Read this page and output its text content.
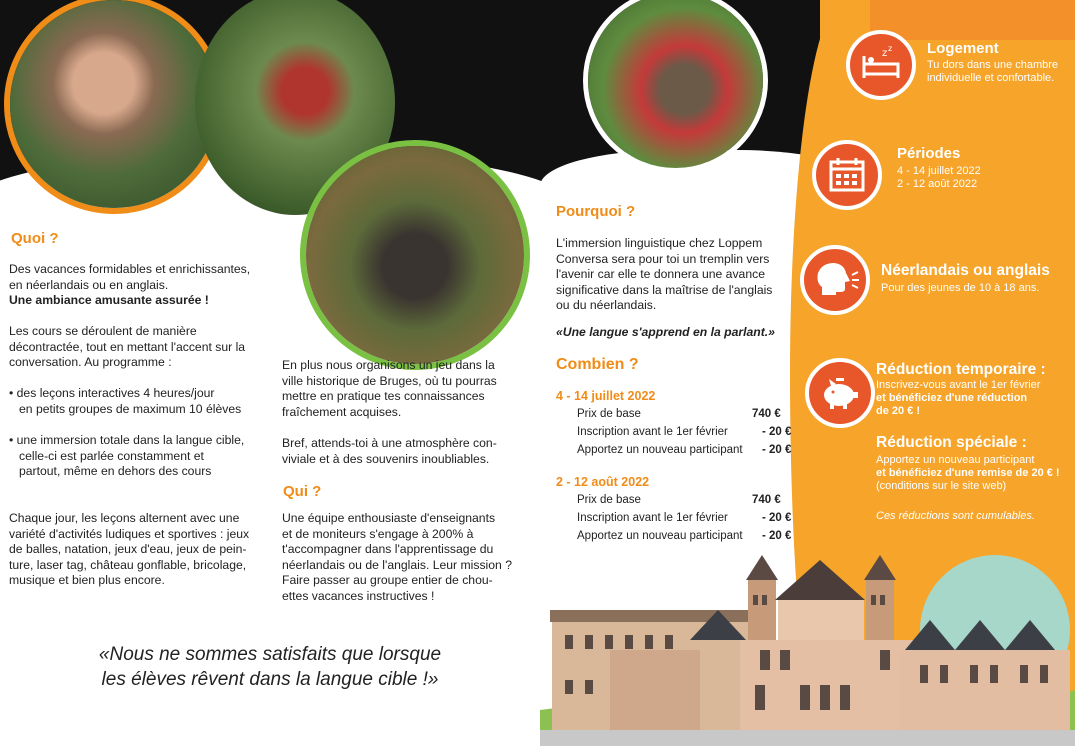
Quoi ?
Des vacances formidables et enrichissantes,
en néerlandais ou en anglais.
Une ambiance amusante assurée !
Les cours se déroulent de manière
décontractée, tout en mettant l'accent sur la
conversation. Au programme :
• des leçons interactives 4 heures/jour
en petits groupes de maximum 10 élèves
• une immersion totale dans la langue cible,
celle-ci est parlée constamment et
partout, même en dehors des cours
Chaque jour, les leçons alternent avec une
variété d'activités ludiques et sportives : jeux
de balles, natation, jeux d'eau, jeux de pein-
ture, laser tag, château gonflable, bricolage,
musique et bien plus encore.
En plus nous organisons un jeu dans la
ville historique de Bruges, où tu pourras
mettre en pratique tes connaissances
fraîchement acquises.
Bref, attends-toi à une atmosphère con-
viviale et à des souvenirs inoubliables.
Qui ?
Une équipe enthousiaste d'enseignants
et de moniteurs s'engage à 200% à
t'accompagner dans l'apprentissage du
néerlandais ou de l'anglais. Leur mission ?
Faire passer au groupe entier de chou-
ettes vacances instructives !
«Nous ne sommes satisfaits que lorsque
les élèves rêvent dans la langue cible !»
Pourquoi ?
L'immersion linguistique chez Loppem
Conversa sera pour toi un tremplin vers
l'avenir car elle te donnera une avance
significative dans la maîtrise de l'anglais
ou du néerlandais.
«Une langue s'apprend en la parlant.»
Combien ?
4 - 14 juillet 2022
Prix de base	740 €
Inscription avant le 1er février	- 20 €
Apportez un nouveau participant - 20 €
2 - 12 août 2022
Prix de base	740 €
Inscription avant le 1er février	- 20 €
Apportez un nouveau participant - 20 €
z z Logement
Tu dors dans une chambre
individuelle et confortable.
Périodes
4 - 14 juillet 2022
2 - 12 août 2022
Néerlandais ou anglais
Pour des jeunes de 10 à 18 ans.
Réduction temporaire :
Inscrivez-vous avant le 1er février
et bénéficiez d'une réduction
de 20 € !
Réduction spéciale :
Apportez un nouveau participant
et bénéficiez d'une remise de 20 € !
(conditions sur le site web)
Ces réductions sont cumulables.
